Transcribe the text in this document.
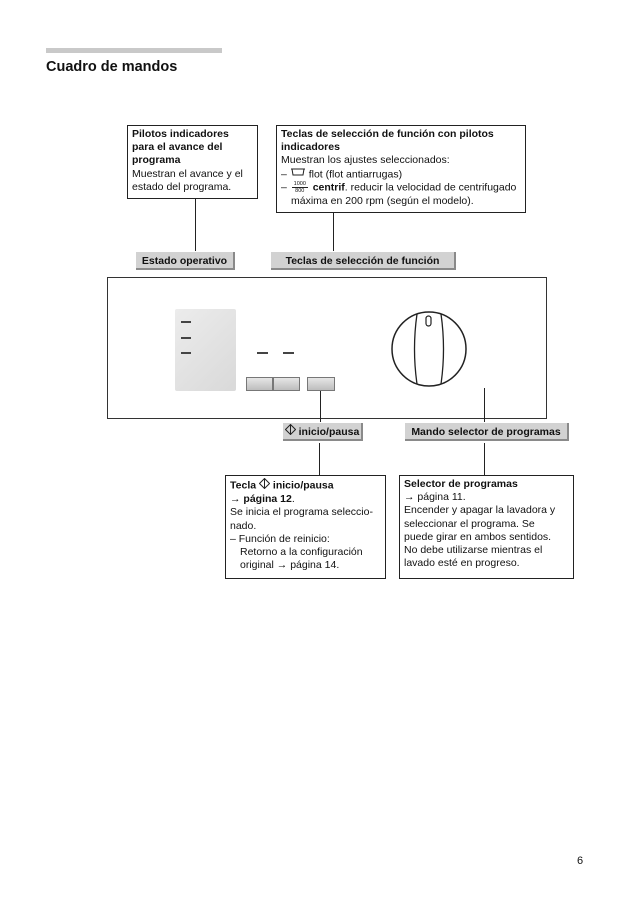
Cuadro de mandos
Pilotos indicadores para el avance del programa
Muestran el avance y el estado del programa.
Teclas de selección de función con pilotos indicadores
Muestran los ajustes seleccionados:
– flot (flot antiarrugas)
– $\frac{1000}{800}$ centrif. reducir la velocidad de centrifugado
máxima en 200 rpm (según el modelo).
Estado operativo	Teclas de selección de función
inicio/pausa	Mando selector de programas
Tecla inicio/pausa
→ página 12.
Se inicia el programa seleccio-
nado.
– Función de reinicio:
Retorno a la configuración
original → página 14.
Selector de programas
→ página 11.
Encender y apagar la lavadora y
seleccionar el programa. Se
puede girar en ambos sentidos.
No debe utilizarse mientras el
lavado esté en progreso.
6
